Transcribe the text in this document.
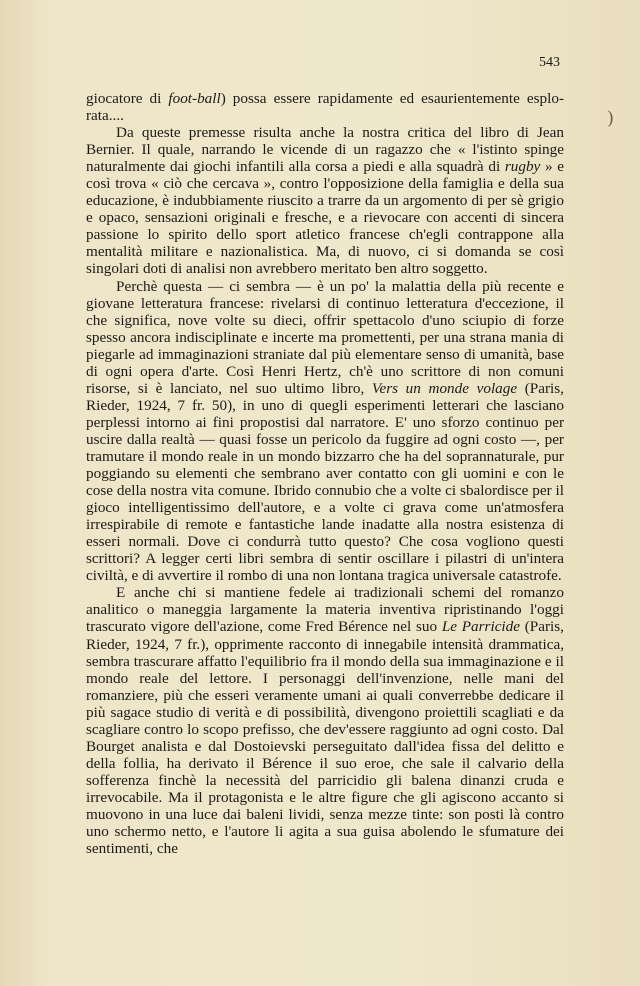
543
)

giocatore di foot-ball) possa essere rapidamente ed esaurientemente esplorata....

Da queste premesse risulta anche la nostra critica del libro di Jean Bernier. Il quale, narrando le vicende di un ragazzo che « l'istinto spinge naturalmente dai giochi infantili alla corsa a piedi e alla squadrà di rugby » e così trova « ciò che cercava », contro l'opposizione della famiglia e della sua educazione, è indubbiamente riuscito a trarre da un argomento di per sè grigio e opaco, sensazioni originali e fresche, e a rievocare con accenti di sincera passione lo spirito dello sport atletico francese ch'egli contrappone alla mentalità militare e nazionalistica. Ma, di nuovo, ci si domanda se così singolari doti di analisi non avrebbero meritato ben altro soggetto.

Perchè questa — ci sembra — è un po' la malattia della più recente e giovane letteratura francese: rivelarsi di continuo letteratura d'eccezione, il che significa, nove volte su dieci, offrir spettacolo d'uno sciupio di forze spesso ancora indisciplinate e incerte ma promettenti, per una strana mania di piegarle ad immaginazioni straniate dal più elementare senso di umanità, base di ogni opera d'arte. Così Henri Hertz, ch'è uno scrittore di non comuni risorse, si è lanciato, nel suo ultimo libro, Vers un monde volage (Paris, Rieder, 1924, 7 fr. 50), in uno di quegli esperimenti letterari che lasciano perplessi intorno ai fini propostisi dal narratore. E' uno sforzo continuo per uscire dalla realtà — quasi fosse un pericolo da fuggire ad ogni costo —, per tramutare il mondo reale in un mondo bizzarro che ha del soprannaturale, pur poggiando su elementi che sembrano aver contatto con gli uomini e con le cose della nostra vita comune. Ibrido connubio che a volte ci sbalordisce per il gioco intelligentissimo dell'autore, e a volte ci grava come un'atmosfera irrespirabile di remote e fantastiche lande inadatte alla nostra esistenza di esseri normali. Dove ci condurrà tutto questo? Che cosa vogliono questi scrittori? A legger certi libri sembra di sentir oscillare i pilastri di un'intera civiltà, e di avvertire il rombo di una non lontana tragica universale catastrofe.

E anche chi si mantiene fedele ai tradizionali schemi del romanzo analitico o maneggia largamente la materia inventiva ripristinando l'oggi trascurato vigore dell'azione, come Fred Bérence nel suo Le Parricide (Paris, Rieder, 1924, 7 fr.), opprimente racconto di innegabile intensità drammatica, sembra trascurare affatto l'equilibrio fra il mondo della sua immaginazione e il mondo reale del lettore. I personaggi dell'invenzione, nelle mani del romanziere, più che esseri veramente umani ai quali converrebbe dedicare il più sagace studio di verità e di possibilità, divengono proiettili scagliati e da scagliare contro lo scopo prefisso, che dev'essere raggiunto ad ogni costo. Dal Bourget analista e dal Dostoievski perseguitato dall'idea fissa del delitto e della follia, ha derivato il Bérence il suo eroe, che sale il calvario della sofferenza finchè la necessità del parricidio gli balena dinanzi cruda e irrevocabile. Ma il protagonista e le altre figure che gli agiscono accanto si muovono in una luce dai baleni lividi, senza mezze tinte: son posti là contro uno schermo netto, e l'autore li agita a sua guisa abolendo le sfumature dei sentimenti, che
